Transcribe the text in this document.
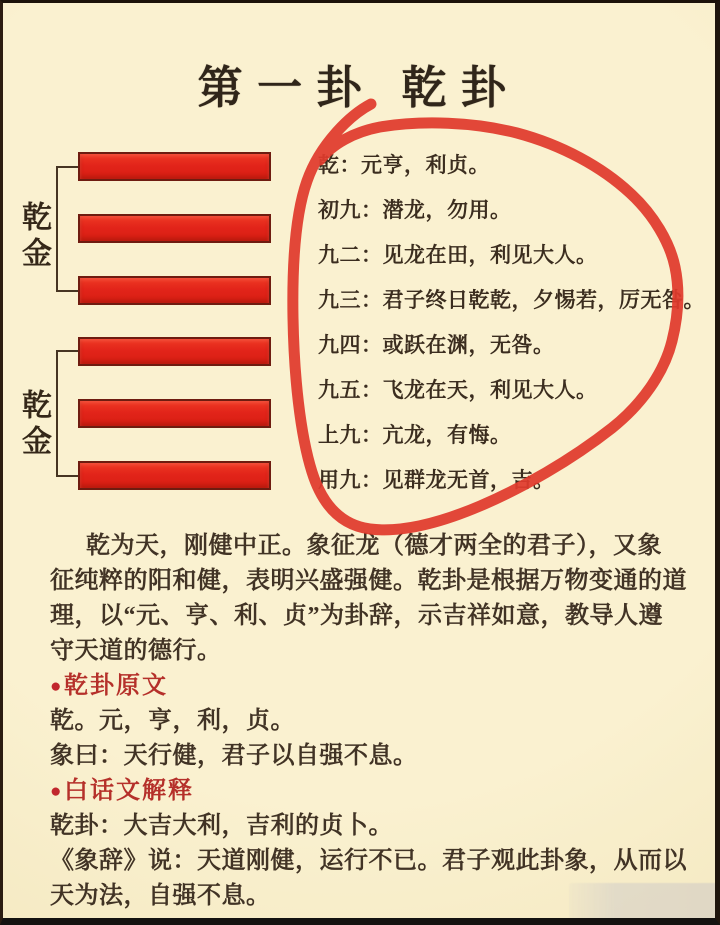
第一卦 乾卦
乾金
乾金
乾：元亨，利贞。
初九：潜龙，勿用。
九二：见龙在田，利见大人。
九三：君子终日乾乾，夕惕若，厉无咎。
九四：或跃在渊，无咎。
九五：飞龙在天，利见大人。
上九：亢龙，有悔。
用九：见群龙无首，吉。
乾为天，刚健中正。象征龙（德才两全的君子），又象
征纯粹的阳和健，表明兴盛强健。乾卦是根据万物变通的道
理，以“元、亨、利、贞”为卦辞，示吉祥如意，教导人遵
守天道的德行。
●乾卦原文
乾。元，亨，利，贞。
象曰：天行健，君子以自强不息。
●白话文解释
乾卦：大吉大利，吉利的贞卜。
《象辞》说：天道刚健，运行不已。君子观此卦象，从而以
天为法，自强不息。
